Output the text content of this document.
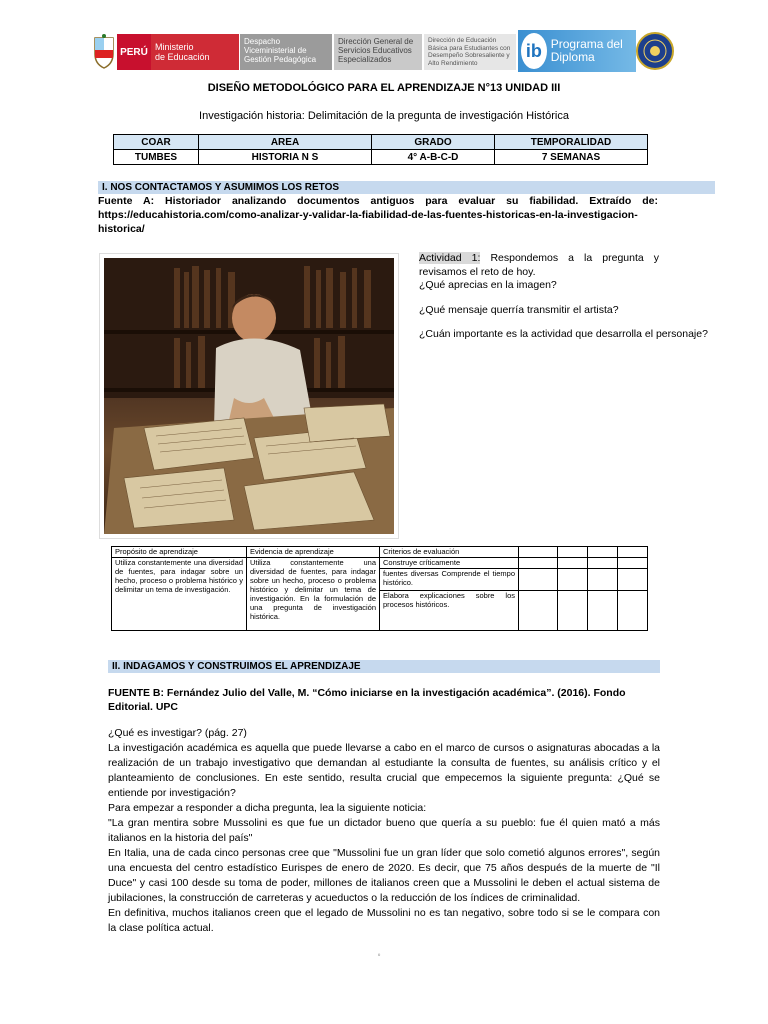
PERÚ Ministerio
de Educación
Despacho Viceministerial de Gestión Pedagógica
Dirección General de Servicios Educativos Especializados
Dirección de Educación Básica para Estudiantes con Desempeño Sobresaliente y Alto Rendimiento
ib Programa del Diploma
DISEÑO METODOLÓGICO PARA EL APRENDIZAJE N°13 UNIDAD III
Investigación historia: Delimitación de la pregunta de investigación Histórica
COAR	AREA	GRADO	TEMPORALIDAD
TUMBES	HISTORIA N S	4° A-B-C-D	7 SEMANAS
I. NOS CONTACTAMOS Y ASUMIMOS LOS RETOS
Fuente A: Historiador analizando documentos antiguos para evaluar su fiabilidad. Extraído de: https://educahistoria.com/como-analizar-y-validar-la-fiabilidad-de-las-fuentes-historicas-en-la-investigacion-historica/

Actividad 1: Respondemos a la pregunta y revisamos el reto de hoy.

¿Qué aprecias en la imagen?

¿Qué mensaje querría transmitir el artista?
¿Cuán importante es la actividad que desarrolla el personaje?
Propósito de aprendizaje	Evidencia de aprendizaje	Criterios de evaluación				
Utiliza constantemente una diversidad de fuentes, para indagar sobre un hecho, proceso o problema histórico y delimitar un tema de investigación.	Utiliza constantemente una diversidad de fuentes, para indagar sobre un hecho, proceso o problema histórico y delimitar un tema de investigación. En la formulación de una pregunta de investigación histórica.	Construye críticamente				
		fuentes diversas Comprende el tiempo histórico.				
		Elabora explicaciones sobre los procesos históricos.				
II. INDAGAMOS Y CONSTRUIMOS EL APRENDIZAJE
FUENTE B: Fernández Julio del Valle, M. “Cómo iniciarse en la investigación académica”. (2016). Fondo Editorial. UPC

¿Qué es investigar? (pág. 27)

La investigación académica es aquella que puede llevarse a cabo en el marco de cursos o asignaturas abocadas a la realización de un trabajo investigativo que demandan al estudiante la consulta de fuentes, su análisis crítico y el planteamiento de conclusiones. En este sentido, resulta crucial que empecemos la siguiente pregunta: ¿Qué se entiende por investigación?

Para empezar a responder a dicha pregunta, lea la siguiente noticia:

"La gran mentira sobre Mussolini es que fue un dictador bueno que quería a su pueblo: fue él quien mató a más italianos en la historia del país"

En Italia, una de cada cinco personas cree que "Mussolini fue un gran líder que solo cometió algunos errores", según una encuesta del centro estadístico Eurispes de enero de 2020. Es decir, que 75 años después de la muerte de "Il Duce" y casi 100 desde su toma de poder, millones de italianos creen que a Mussolini le deben el actual sistema de jubilaciones, la construcción de carreteras y acueductos o la reducción de los índices de criminalidad.

En definitiva, muchos italianos creen que el legado de Mussolini no es tan negativo, sobre todo si se le compara con la clase política actual.

º
